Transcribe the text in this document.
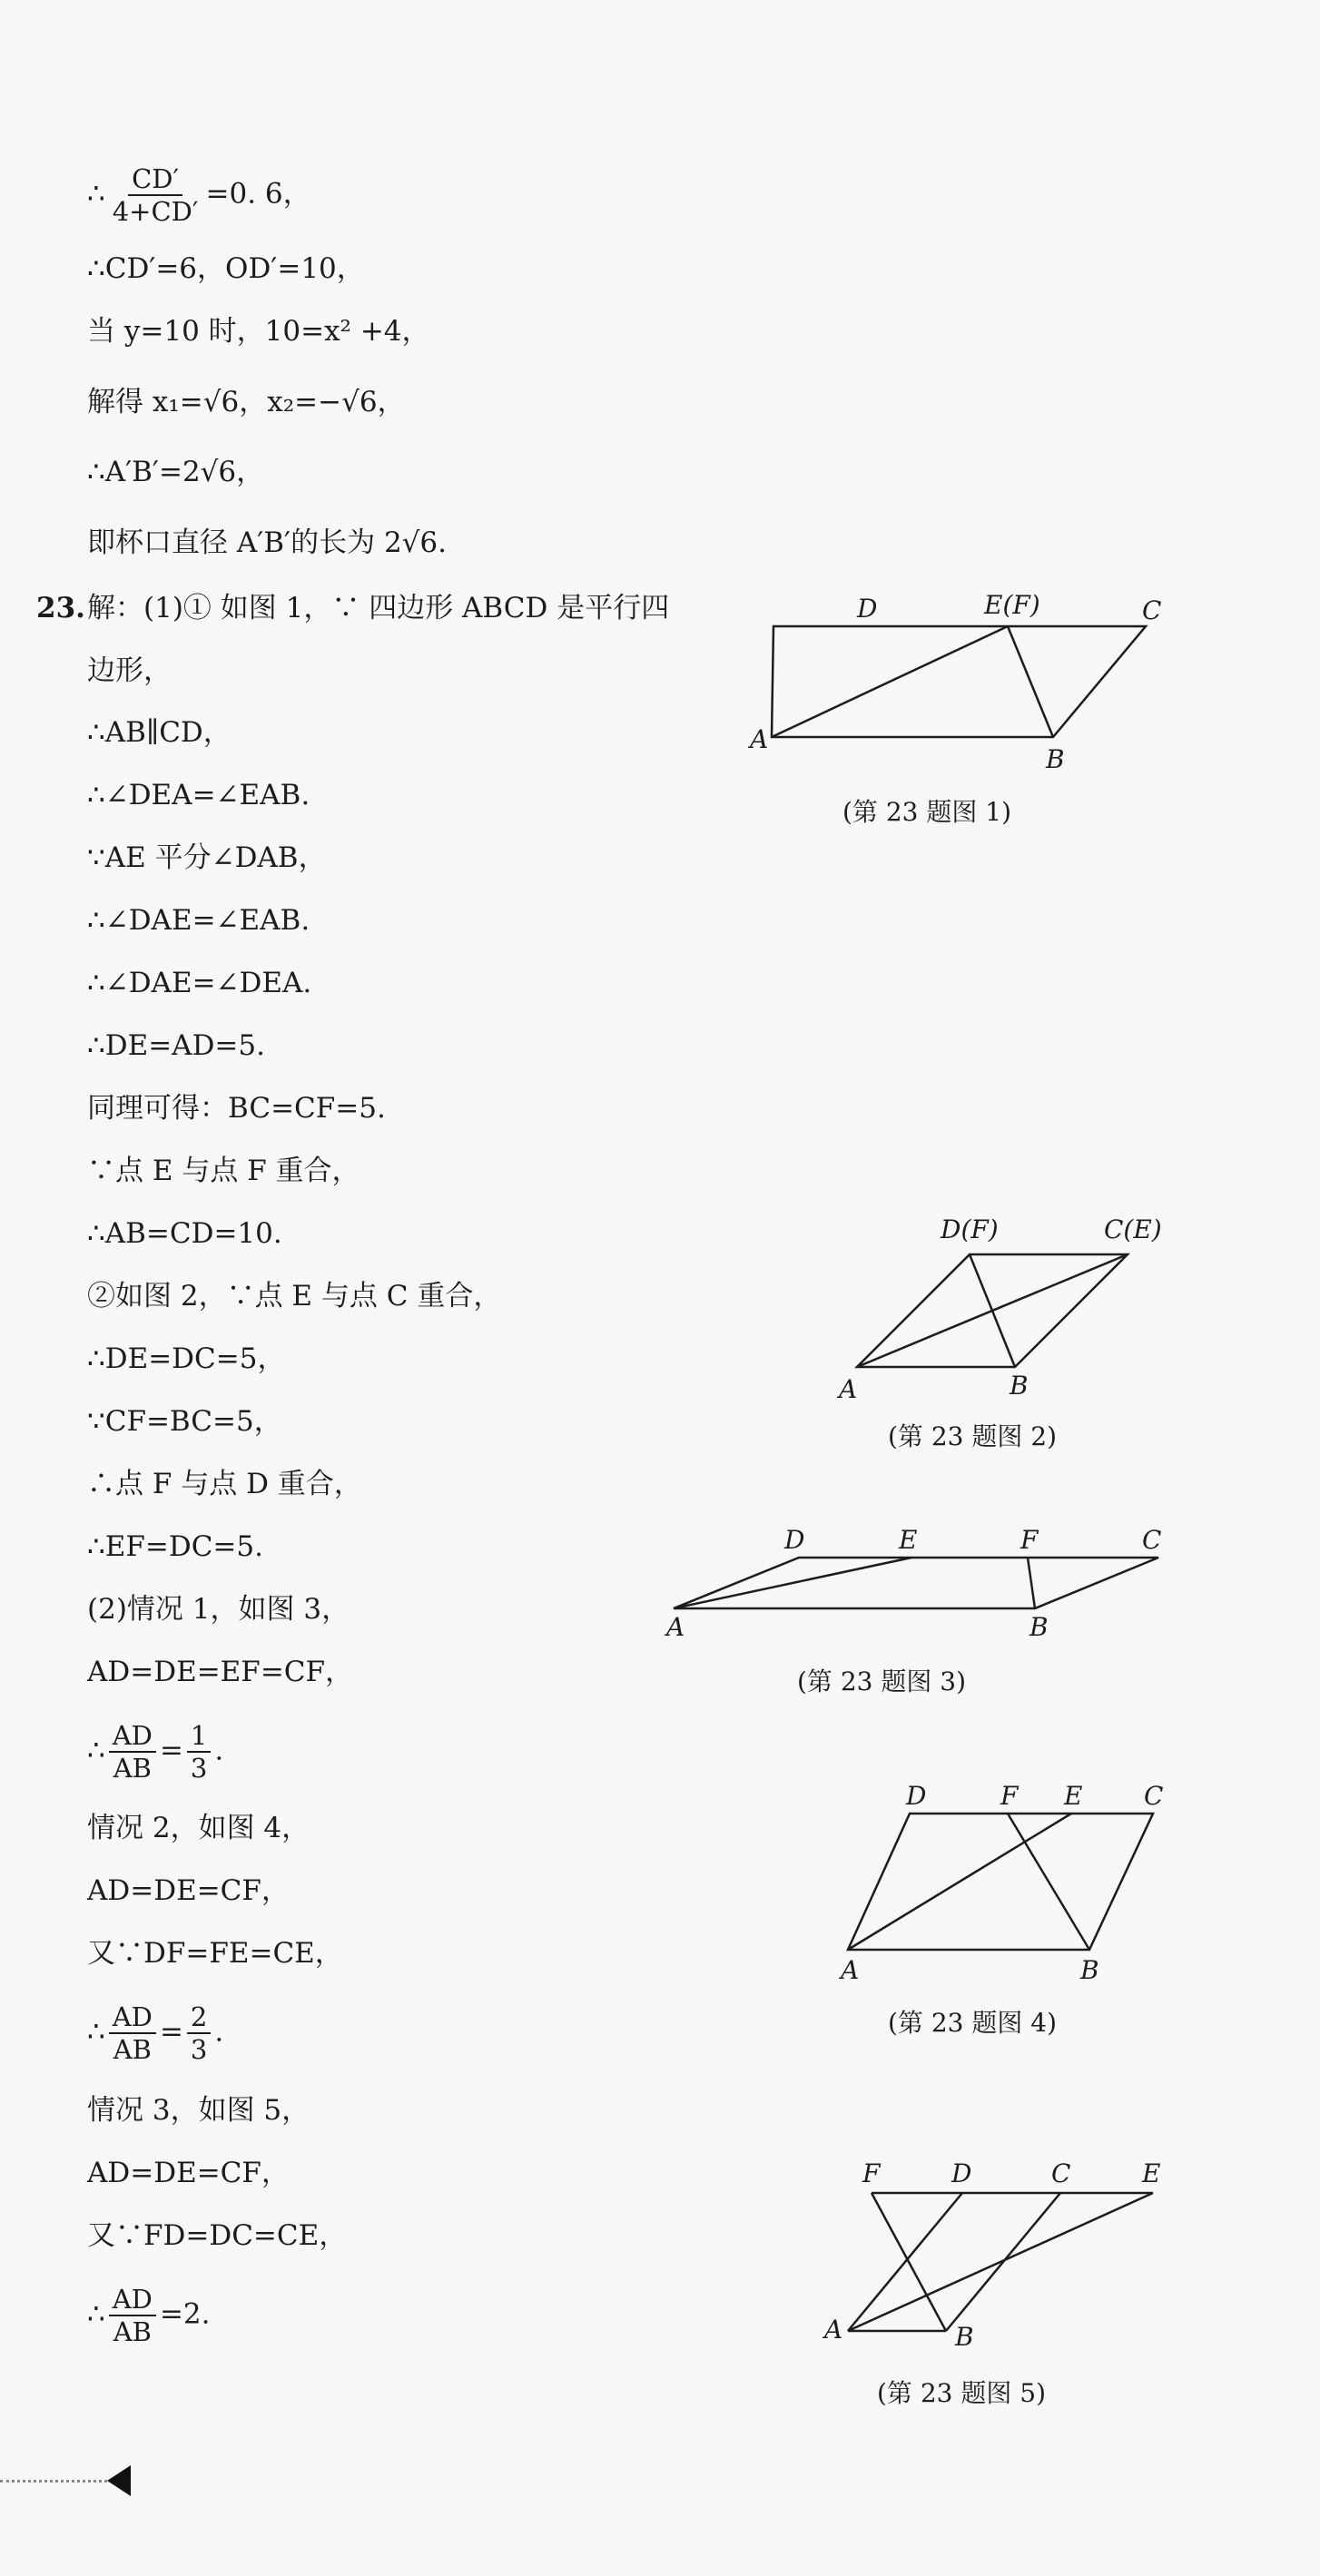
∴ $\frac{CD'}{4+CD'} =0$. 6，
∴CD′=6，OD′=10，
当 y=10 时，10=x² +4，
解得 x₁=√6，x₂=−√6，
∴A′B′=2√6，
即杯口直径 A′B′的长为 2√6.
23. 解：(1)① 如图 1，∵ 四边形 ABCD 是平行四
边形，
∴AB∥CD，
∴∠DEA=∠EAB.
∵AE 平分∠DAB，
∴∠DAE=∠EAB.
∴∠DAE=∠DEA.
∴DE=AD=5.
同理可得：BC=CF=5.
∵点 E 与点 F 重合，
∴AB=CD=10.
②如图 2，∵点 E 与点 C 重合，
∴DE=DC=5，
∵CF=BC=5，
∴点 F 与点 D 重合，
∴EF=DC=5.
(2)情况 1，如图 3，
AD=DE=EF=CF，
∴ $\frac{AD}{AB} = \frac{1}{3}$ .
情况 2，如图 4，
AD=DE=CF，
又∵DF=FE=CE，
∴ $\frac{AD}{AB} = \frac{2}{3}$ .
情况 3，如图 5，
AD=DE=CF，
又∵FD=DC=CE，
∴ $\frac{AD}{AB} =2$.
D	E(F)	C
A
B
(第 23 题图 1)
D(F)	C(E)
A	B
(第 23 题图 2)
D	E	F	C
A	B
(第 23 题图 3)
D	F E C
A	B
(第 23 题图 4)
F	D	C	E
A	B
(第 23 题图 5)
